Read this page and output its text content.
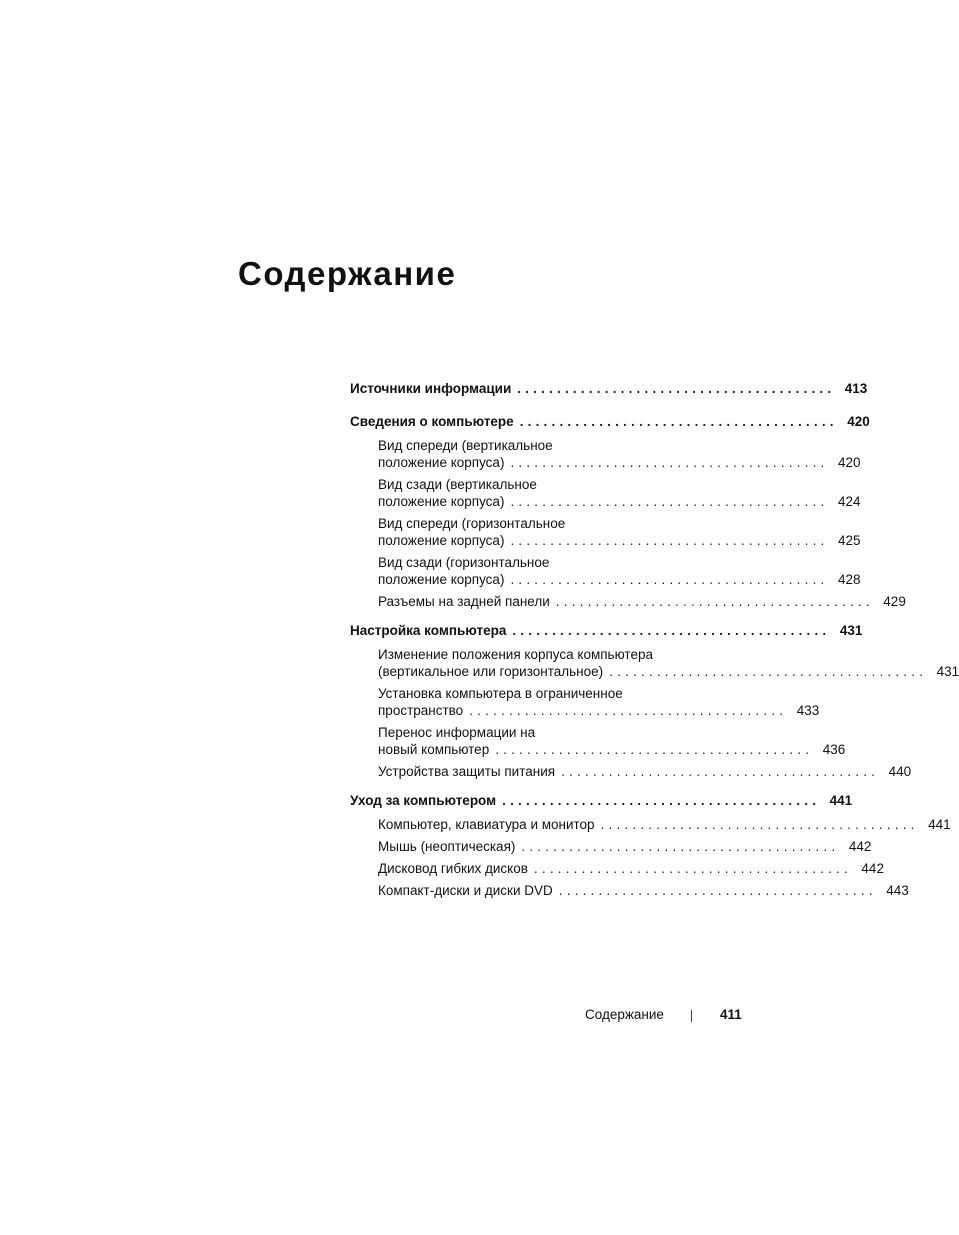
Содержание
Источники информации ........................................ 413
Сведения о компьютере ........................................ 420
Вид спереди (вертикальное
положение корпуса) ........................................ 420
Вид сзади (вертикальное
положение корпуса) ........................................ 424
Вид спереди (горизонтальное
положение корпуса) ........................................ 425
Вид сзади (горизонтальное
положение корпуса) ........................................ 428
Разъемы на задней панели ........................................ 429
Настройка компьютера ........................................ 431
Изменение положения корпуса компьютера
(вертикальное или горизонтальное) ........................................ 431
Установка компьютера в ограниченное
пространство ........................................ 433
Перенос информации на
новый компьютер ........................................ 436
Устройства защиты питания ........................................ 440
Уход за компьютером ........................................ 441
Компьютер, клавиатура и монитор ........................................ 441
Мышь (неоптическая) ........................................ 442
Дисковод гибких дисков ........................................ 442
Компакт-диски и диски DVD ........................................ 443
Содержание	411
